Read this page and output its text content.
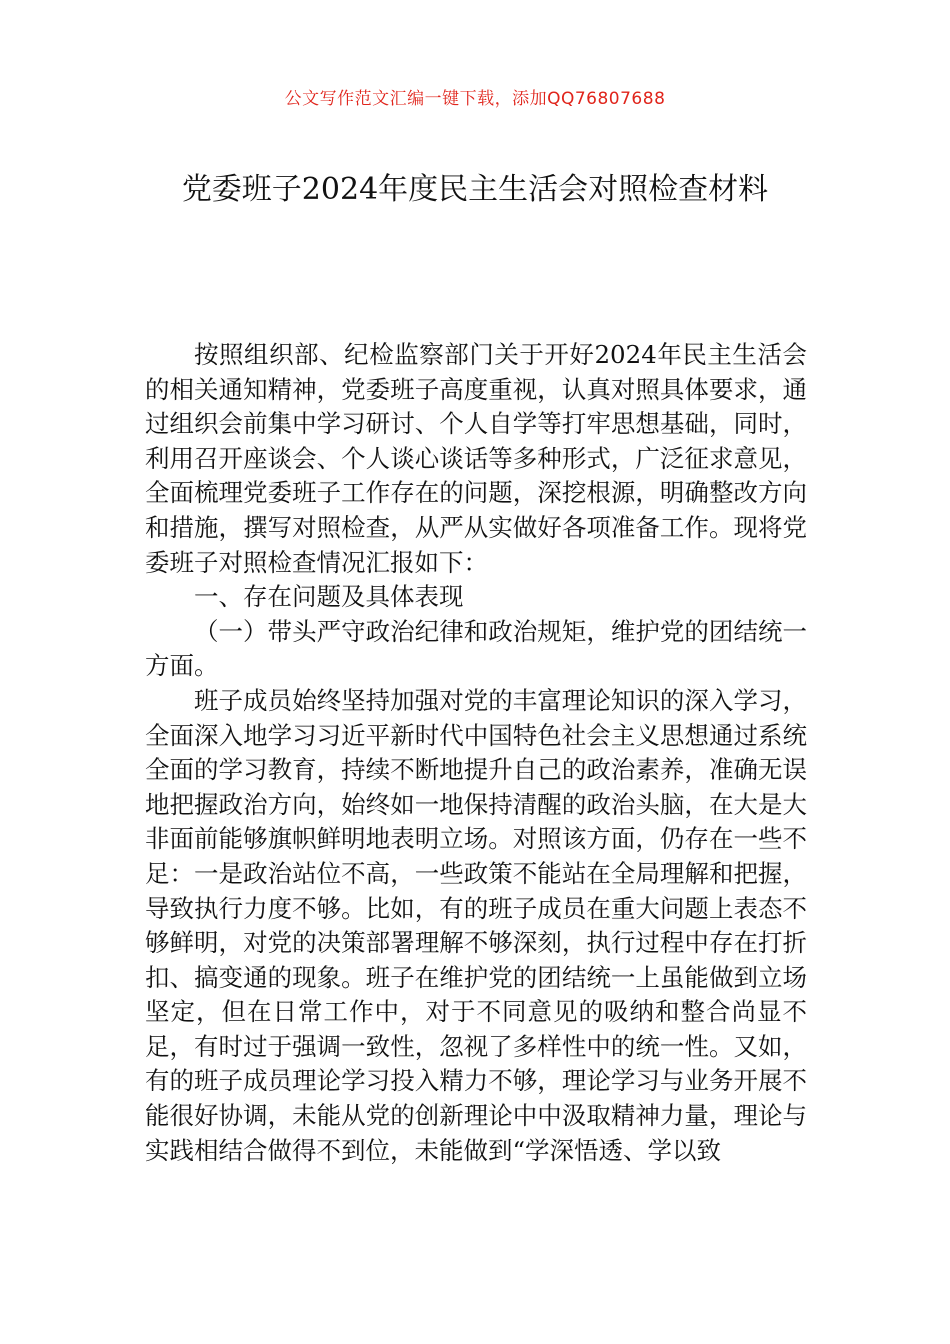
公文写作范文汇编一键下载，添加QQ76807688
党委班子2024年度民主生活会对照检查材料

按照组织部、纪检监察部门关于开好2024年民主生活会的相关通知精神，党委班子高度重视，认真对照具体要求，通过组织会前集中学习研讨、个人自学等打牢思想基础，同时，利用召开座谈会、个人谈心谈话等多种形式，广泛征求意见，全面梳理党委班子工作存在的问题，深挖根源，明确整改方向和措施，撰写对照检查，从严从实做好各项准备工作。现将党委班子对照检查情况汇报如下：

一、存在问题及具体表现

（一）带头严守政治纪律和政治规矩，维护党的团结统一方面。

班子成员始终坚持加强对党的丰富理论知识的深入学习，全面深入地学习习近平新时代中国特色社会主义思想通过系统全面的学习教育，持续不断地提升自己的政治素养，准确无误地把握政治方向，始终如一地保持清醒的政治头脑，在大是大非面前能够旗帜鲜明地表明立场。对照该方面，仍存在一些不足：一是政治站位不高，一些政策不能站在全局理解和把握，导致执行力度不够。比如，有的班子成员在重大问题上表态不够鲜明，对党的决策部署理解不够深刻，执行过程中存在打折扣、搞变通的现象。班子在维护党的团结统一上虽能做到立场坚定，但在日常工作中，对于不同意见的吸纳和整合尚显不足，有时过于强调一致性，忽视了多样性中的统一性。又如，有的班子成员理论学习投入精力不够，理论学习与业务开展不能很好协调，未能从党的创新理论中中汲取精神力量，理论与实践相结合做得不到位，未能做到“学深悟透、学以致
